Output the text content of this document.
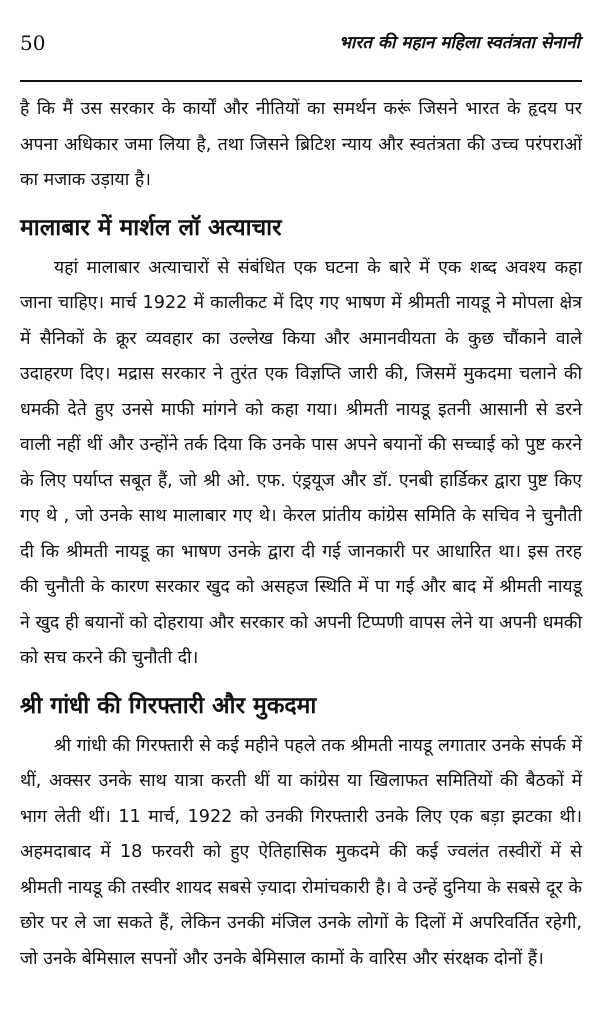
50	भारत की महान महिला स्वतंत्रता सेनानी

है कि मैं उस सरकार के कार्यों और नीतियों का समर्थन करूं जिसने भारत के हृदय पर अपना अधिकार जमा लिया है, तथा जिसने ब्रिटिश न्याय और स्वतंत्रता की उच्च परंपराओं का मजाक उड़ाया है।

मालाबार में मार्शल लॉ अत्याचार

यहां मालाबार अत्याचारों से संबंधित एक घटना के बारे में एक शब्द अवश्य कहा जाना चाहिए। मार्च 1922 में कालीकट में दिए गए भाषण में श्रीमती नायडू ने मोपला क्षेत्र में सैनिकों के क्रूर व्यवहार का उल्लेख किया और अमानवीयता के कुछ चौंकाने वाले उदाहरण दिए। मद्रास सरकार ने तुरंत एक विज्ञप्ति जारी की, जिसमें मुकदमा चलाने की धमकी देते हुए उनसे माफी मांगने को कहा गया। श्रीमती नायडू इतनी आसानी से डरने वाली नहीं थीं और उन्होंने तर्क दिया कि उनके पास अपने बयानों की सच्चाई को पुष्ट करने के लिए पर्याप्त सबूत हैं, जो श्री ओ. एफ. एंड्रयूज और डॉ. एनबी हार्डिकर द्वारा पुष्ट किए गए थे , जो उनके साथ मालाबार गए थे। केरल प्रांतीय कांग्रेस समिति के सचिव ने चुनौती दी कि श्रीमती नायडू का भाषण उनके द्वारा दी गई जानकारी पर आधारित था। इस तरह की चुनौती के कारण सरकार खुद को असहज स्थिति में पा गई और बाद में श्रीमती नायडू ने खुद ही बयानों को दोहराया और सरकार को अपनी टिप्पणी वापस लेने या अपनी धमकी को सच करने की चुनौती दी।

श्री गांधी की गिरफ्तारी और मुकदमा

श्री गांधी की गिरफ्तारी से कई महीने पहले तक श्रीमती नायडू लगातार उनके संपर्क में थीं, अक्सर उनके साथ यात्रा करती थीं या कांग्रेस या खिलाफत समितियों की बैठकों में भाग लेती थीं। 11 मार्च, 1922 को उनकी गिरफ्तारी उनके लिए एक बड़ा झटका थी। अहमदाबाद में 18 फरवरी को हुए ऐतिहासिक मुकदमे की कई ज्वलंत तस्वीरों में से श्रीमती नायडू की तस्वीर शायद सबसे ज़्यादा रोमांचकारी है। वे उन्हें दुनिया के सबसे दूर के छोर पर ले जा सकते हैं, लेकिन उनकी मंजिल उनके लोगों के दिलों में अपरिवर्तित रहेगी, जो उनके बेमिसाल सपनों और उनके बेमिसाल कामों के वारिस और संरक्षक दोनों हैं।
